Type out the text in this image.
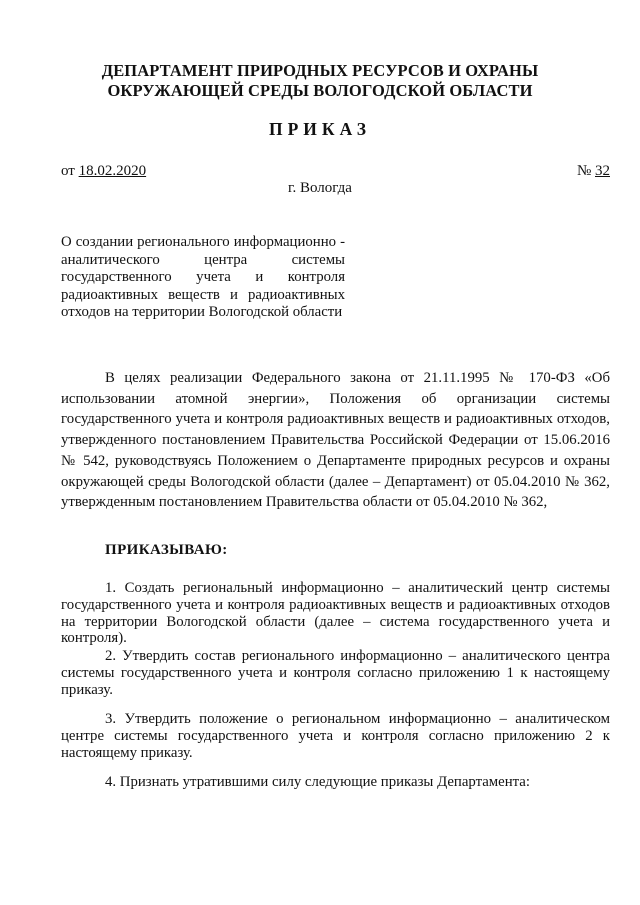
ДЕПАРТАМЕНТ ПРИРОДНЫХ РЕСУРСОВ И ОХРАНЫ
ОКРУЖАЮЩЕЙ СРЕДЫ ВОЛОГОДСКОЙ ОБЛАСТИ
ПРИКАЗ
от 18.02.2020	№ 32
г. Вологда
О создании регионального информационно - аналитического центра системы государственного учета и контроля радиоактивных веществ и радиоактивных отходов на территории Вологодской области
В целях реализации Федерального закона от 21.11.1995 № 170-ФЗ «Об использовании атомной энергии», Положения об организации системы государственного учета и контроля радиоактивных веществ и радиоактивных отходов, утвержденного постановлением Правительства Российской Федерации от 15.06.2016 № 542, руководствуясь Положением о Департаменте природных ресурсов и охраны окружающей среды Вологодской области (далее – Департамент) от 05.04.2010 № 362, утвержденным постановлением Правительства области от 05.04.2010 № 362,
ПРИКАЗЫВАЮ:
1. Создать региональный информационно – аналитический центр системы государственного учета и контроля радиоактивных веществ и радиоактивных отходов на территории Вологодской области (далее – система государственного учета и контроля).
2. Утвердить состав регионального информационно – аналитического центра системы государственного учета и контроля согласно приложению 1 к настоящему приказу.
3. Утвердить положение о региональном информационно – аналитическом центре системы государственного учета и контроля согласно приложению 2 к настоящему приказу.
4. Признать утратившими силу следующие приказы Департамента:
